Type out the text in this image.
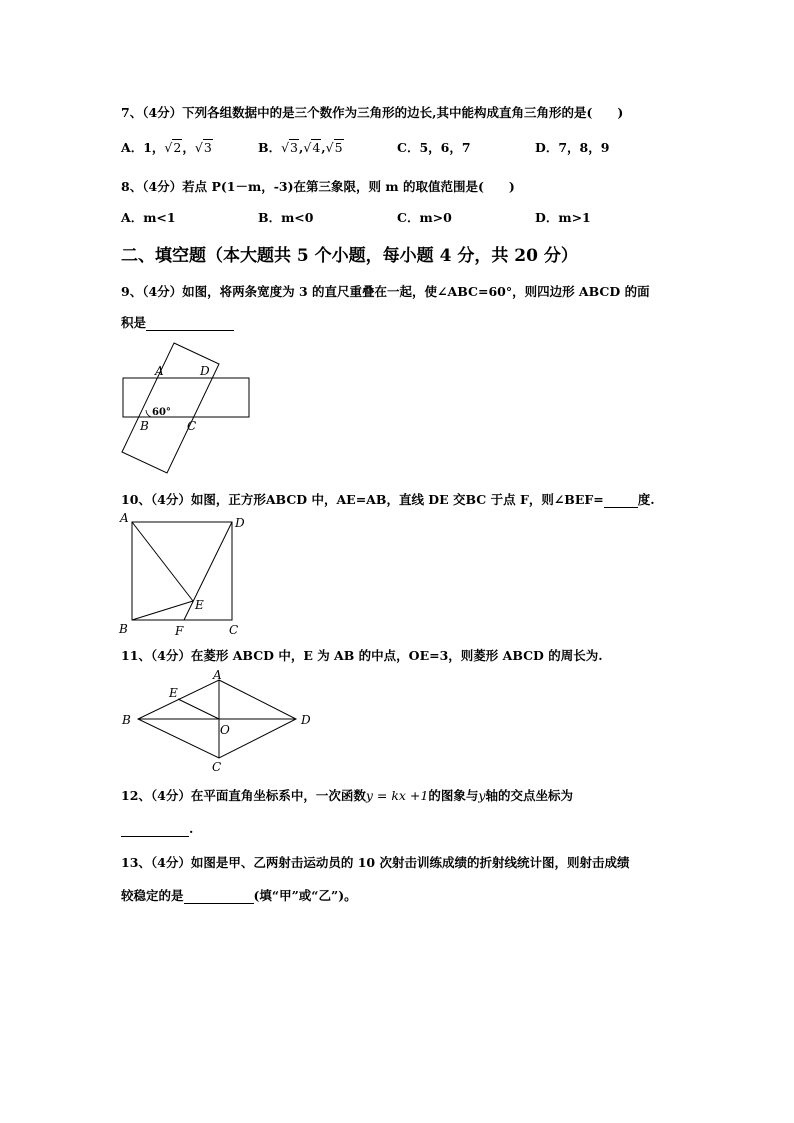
7、（4分）下列各组数据中的是三个数作为三角形的边长,其中能构成直角三角形的是(　　)
A．1，√2，√3	B．√3,√4,√5	C．5，6，7	D．7，8，9
8、（4分）若点 P(1－m，-3)在第三象限，则 m 的取值范围是(　　)
A．m<1	B．m<0	C．m>0	D．m>1
二、填空题（本大题共 5 个小题，每小题 4 分，共 20 分）
9、（4分）如图，将两条宽度为 3 的直尺重叠在一起，使∠ABC=60°，则四边形 ABCD 的面
积是
A	D
B	C
60°
10、（4分）如图，正方形ABCD 中，AE=AB，直线 DE 交BC 于点 F，则∠BEF=	度.
A	D
E
B	F	C
11、（4分）在菱形 ABCD 中，E 为 AB 的中点，OE=3，则菱形 ABCD 的周长为.
A
E
B
O
D
C
12、（4分）在平面直角坐标系中，一次函数y = kx +1的图象与y轴的交点坐标为
.
13、（4分）如图是甲、乙两射击运动员的 10 次射击训练成绩的折射线统计图，则射击成绩
较稳定的是	(填“甲”或“乙”)。
